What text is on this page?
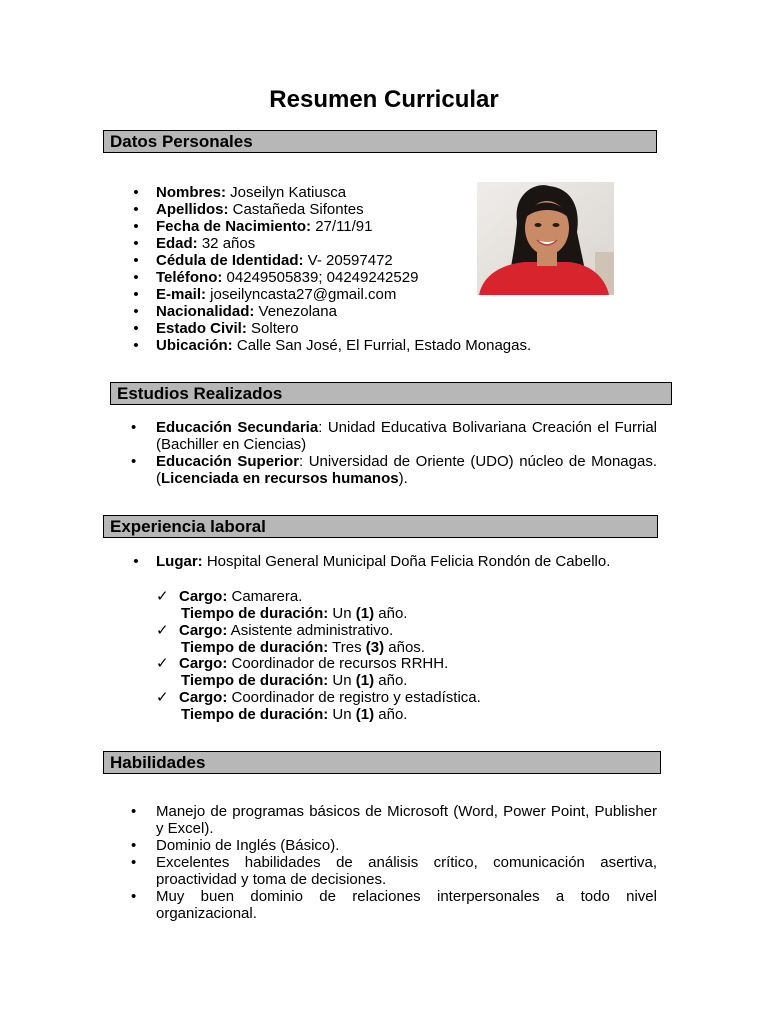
Resumen Curricular
Datos Personales
• Nombres: Joseilyn Katiusca
• Apellidos: Castañeda Sifontes
• Fecha de Nacimiento: 27/11/91
• Edad: 32 años
• Cédula de Identidad: V- 20597472
• Teléfono: 04249505839; 04249242529
• E-mail: joseilyncasta27@gmail.com
• Nacionalidad: Venezolana
• Estado Civil: Soltero
• Ubicación: Calle San José, El Furrial, Estado Monagas.
Estudios Realizados
•	Educación Secundaria: Unidad Educativa Bolivariana Creación el Furrial (Bachiller en Ciencias)
•	Educación Superior: Universidad de Oriente (UDO) núcleo de Monagas. (Licenciada en recursos humanos).
Experiencia laboral
• Lugar: Hospital General Municipal Doña Felicia Rondón de Cabello.
✓ Cargo: Camarera.
Tiempo de duración: Un (1) año.
✓ Cargo: Asistente administrativo.
Tiempo de duración: Tres (3) años.
✓ Cargo: Coordinador de recursos RRHH.
Tiempo de duración: Un (1) año.
✓ Cargo: Coordinador de registro y estadística.
Tiempo de duración: Un (1) año.
Habilidades
•	Manejo de programas básicos de Microsoft (Word, Power Point, Publisher y Excel).
•	Dominio de Inglés (Básico).
•	Excelentes habilidades de análisis crítico, comunicación asertiva, proactividad y toma de decisiones.
•	Muy buen dominio de relaciones interpersonales a todo nivel organizacional.
